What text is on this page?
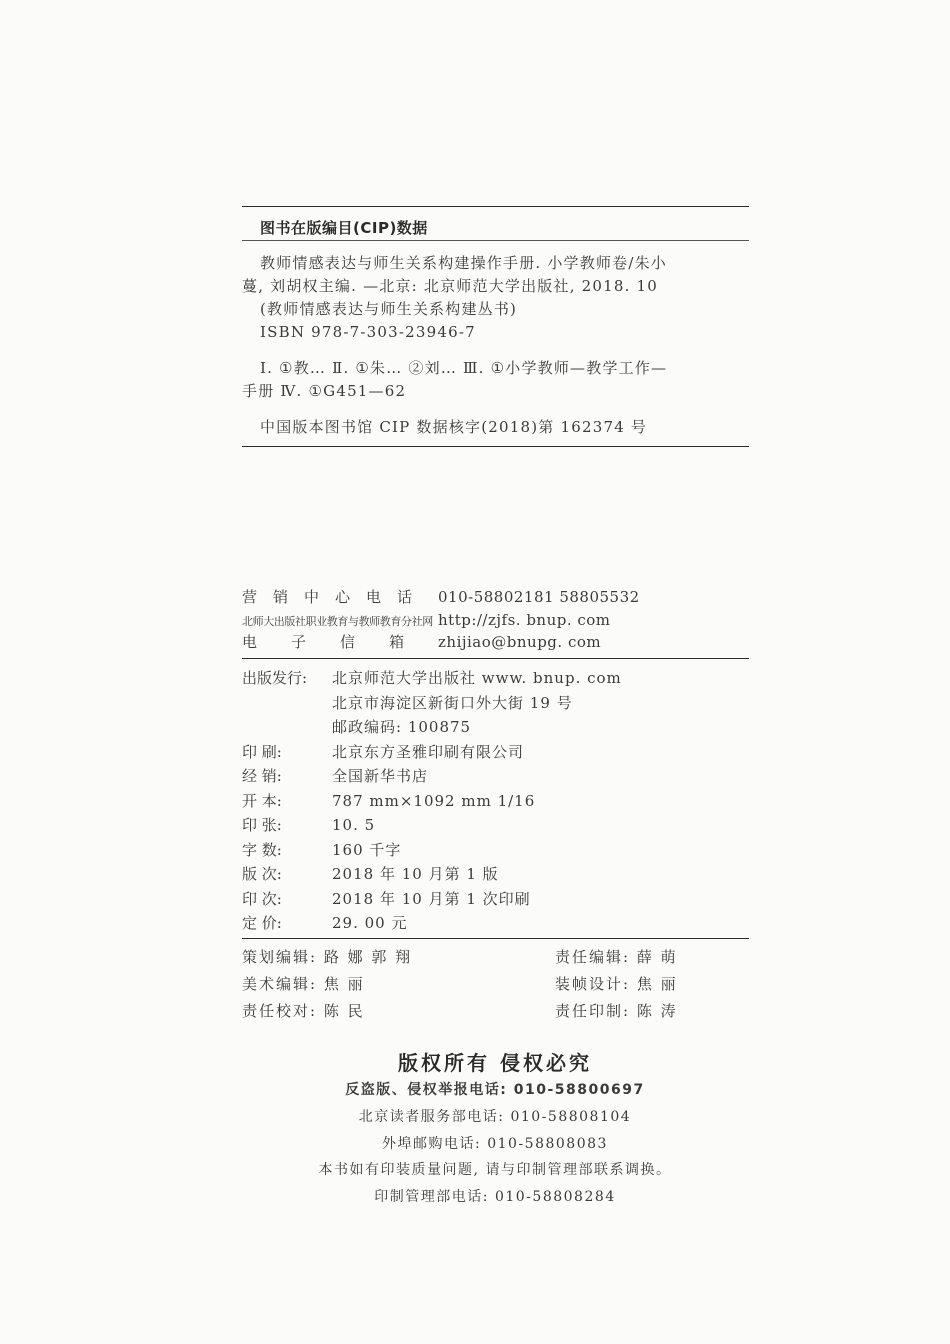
图书在版编目(CIP)数据
教师情感表达与师生关系构建操作手册. 小学教师卷/朱小
蔓, 刘胡权主编. —北京: 北京师范大学出版社, 2018. 10
(教师情感表达与师生关系构建丛书)
ISBN 978-7-303-23946-7
Ⅰ. ①教… Ⅱ. ①朱… ②刘… Ⅲ. ①小学教师—教学工作—
手册 Ⅳ. ①G451—62
中国版本图书馆 CIP 数据核字(2018)第 162374 号
营销中心电话 010-58802181 58805532
北师大出版社职业教育与教师教育分社网 http://zjfs. bnup. com
电子信箱zhijiao@bnupg. com
出版发行: 北京师范大学出版社 www. bnup. com
北京市海淀区新街口外大街 19 号
邮政编码: 100875
印 刷:	北京东方圣雅印刷有限公司
经 销:	全国新华书店
开 本:	787 mm×1092 mm 1/16
印 张:	10. 5
字 数:	160 千字
版 次:	2018 年 10 月第 1 版
印 次:	2018 年 10 月第 1 次印刷
定 价:	29. 00 元
策划编辑: 路 娜 郭 翔	责任编辑: 薛 萌
美术编辑: 焦 丽	装帧设计: 焦 丽
责任校对: 陈 民	责任印制: 陈 涛
版权所有 侵权必究
反盗版、侵权举报电话: 010-58800697
北京读者服务部电话: 010-58808104
外埠邮购电话: 010-58808083
本书如有印装质量问题, 请与印制管理部联系调换。
印制管理部电话: 010-58808284
